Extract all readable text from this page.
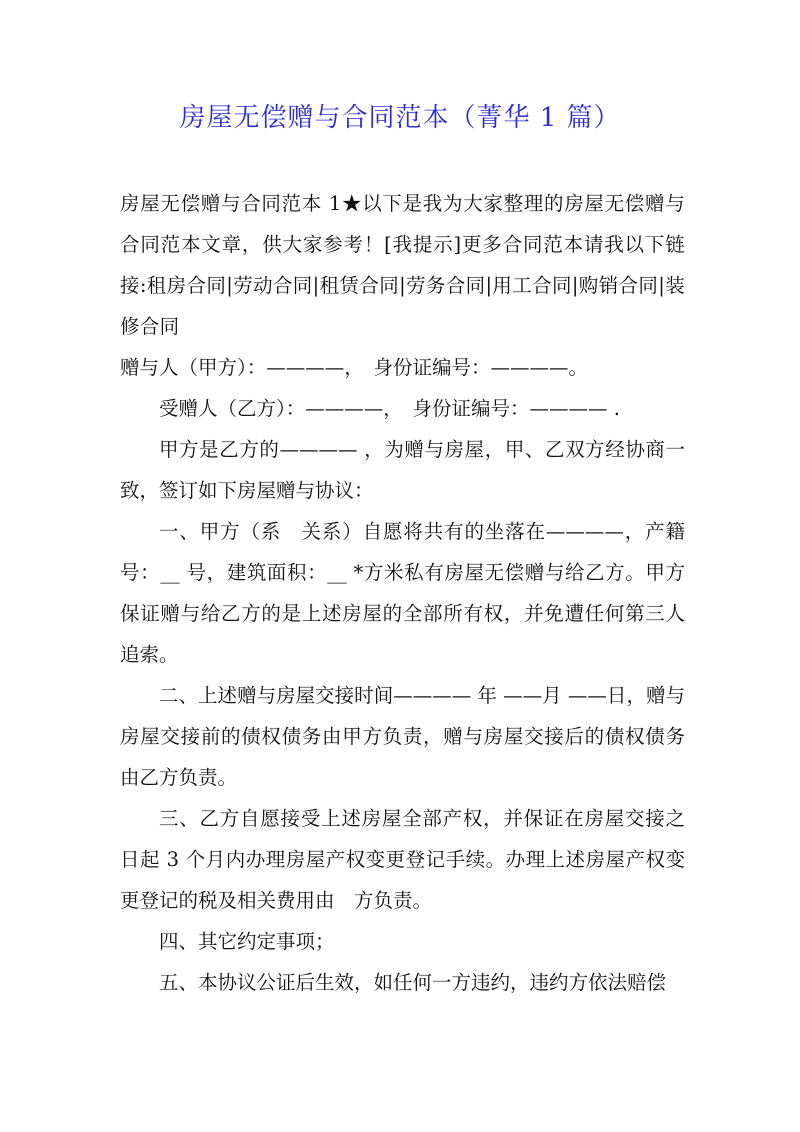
房屋无偿赠与合同范本（菁华 1 篇）

房屋无偿赠与合同范本 1★以下是我为大家整理的房屋无偿赠与合同范本文章，供大家参考！[我提示]更多合同范本请我以下链接:租房合同|劳动合同|租赁合同|劳务合同|用工合同|购销合同|装修合同

赠与人（甲方）：————，　身份证编号：————。

受赠人（乙方）：————，　身份证编号：———— .

甲方是乙方的———— ，为赠与房屋，甲、乙双方经协商一致，签订如下房屋赠与协议：

一、甲方（系　关系）自愿将共有的坐落在————，产籍号：__ 号，建筑面积：__ *方米私有房屋无偿赠与给乙方。甲方保证赠与给乙方的是上述房屋的全部所有权，并免遭任何第三人追索。

二、上述赠与房屋交接时间———— 年 ——月 ——日，赠与房屋交接前的债权债务由甲方负责，赠与房屋交接后的债权债务由乙方负责。

三、乙方自愿接受上述房屋全部产权，并保证在房屋交接之日起 3 个月内办理房屋产权变更登记手续。办理上述房屋产权变更登记的税及相关费用由　方负责。

四、其它约定事项；

五、本协议公证后生效，如任何一方违约，违约方依法赔偿
